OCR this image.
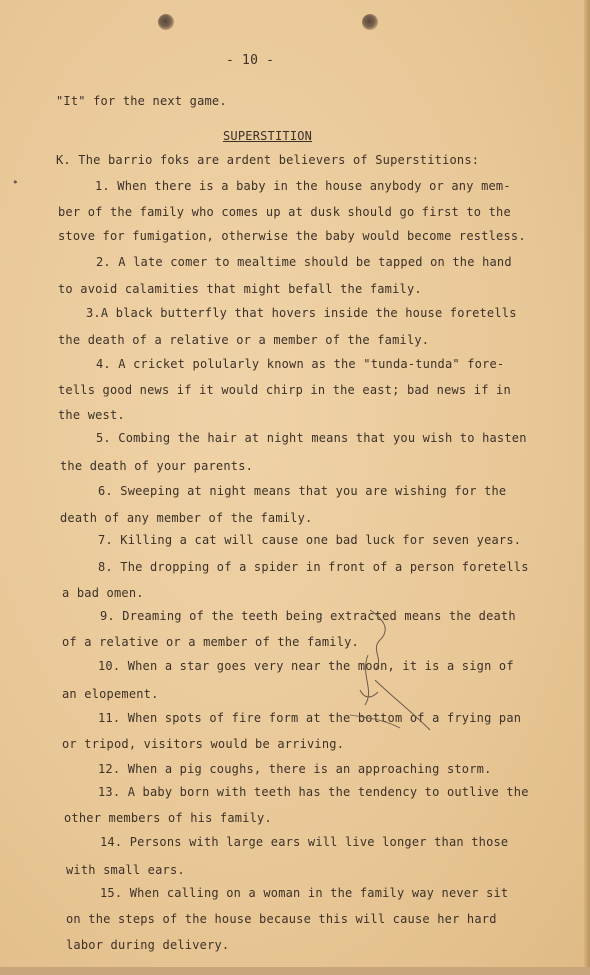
- 10 -

SUPERSTITION

•

"It" for the next game.

K. The barrio foks are ardent believers of Superstitions:

1. When there is a baby in the house anybody or any mem-

ber of the family who comes up at dusk should go first to the

stove for fumigation, otherwise the baby would become restless.

2. A late comer to mealtime should be tapped on the hand

to avoid calamities that might befall the family.

3.A black butterfly that hovers inside the house foretells

the death of a relative or a member of the family.

4. A cricket polularly known as the "tunda-tunda" fore-

tells good news if it would chirp in the east; bad news if in

the west.

5. Combing the hair at night means that you wish to hasten

the death of your parents.

6. Sweeping at night means that you are wishing for the

death of any member of the family.

7. Killing a cat will cause one bad luck for seven years.

8. The dropping of a spider in front of a person foretells

a bad omen.

9. Dreaming of the teeth being extracted means the death

of a relative or a member of the family.

10. When a star goes very near the moon, it is a sign of

an elopement.

11. When spots of fire form at the bottom of a frying pan

or tripod, visitors would be arriving.

12. When a pig coughs, there is an approaching storm.

13. A baby born with teeth has the tendency to outlive the

other members of his family.

14. Persons with large ears will live longer than those

with small ears.

15. When calling on a woman in the family way never sit

on the steps of the house because this will cause her hard

labor during delivery.
